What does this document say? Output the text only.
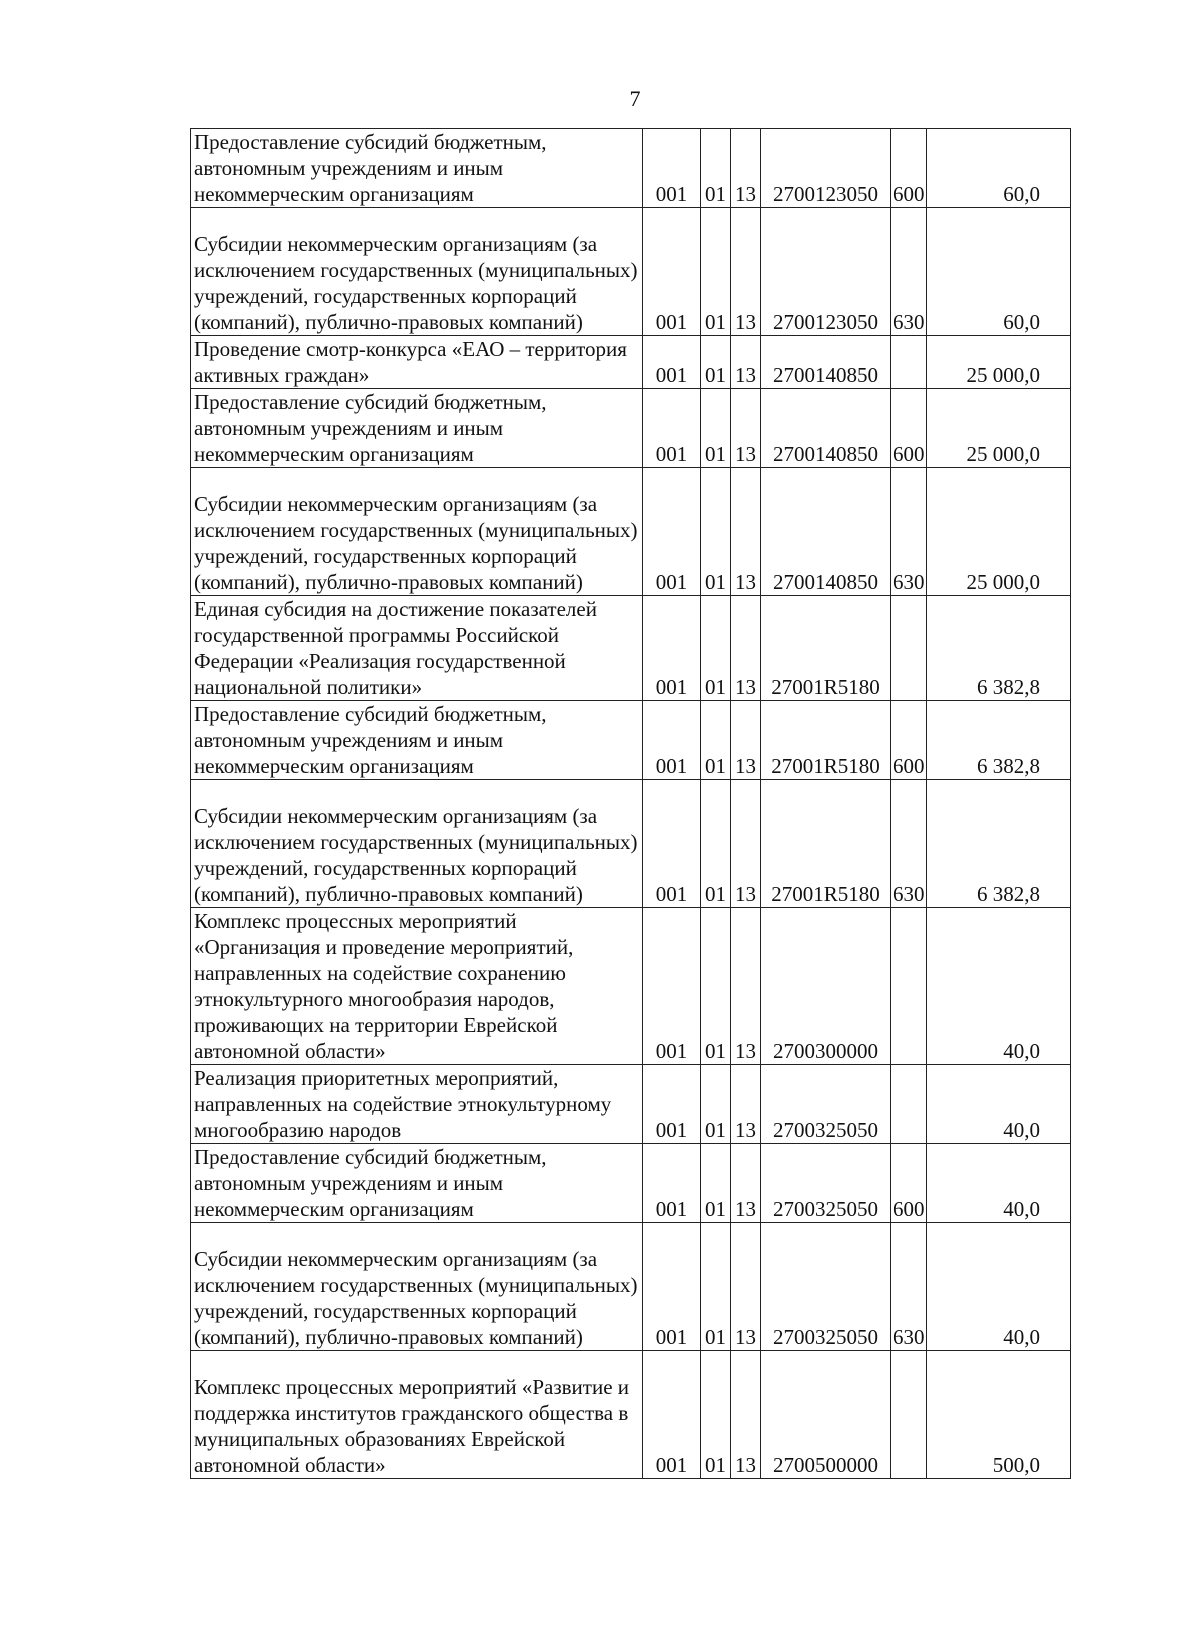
7
Предоставление субсидий бюджетным, автономным учреждениям и иным некоммерческим организациям	001	01	13	2700123050	600	60,0
Субсидии некоммерческим организациям (за исключением государственных (муниципальных) учреждений, государственных корпораций (компаний), публично-правовых компаний)	001	01	13	2700123050	630	60,0
Проведение смотр-конкурса «ЕАО – территория активных граждан»	001	01	13	2700140850		25 000,0
Предоставление субсидий бюджетным, автономным учреждениям и иным некоммерческим организациям	001	01	13	2700140850	600	25 000,0
Субсидии некоммерческим организациям (за исключением государственных (муниципальных) учреждений, государственных корпораций (компаний), публично-правовых компаний)	001	01	13	2700140850	630	25 000,0
Единая субсидия на достижение показателей государственной программы Российской Федерации «Реализация государственной национальной политики»	001	01	13	27001R5180		6 382,8
Предоставление субсидий бюджетным, автономным учреждениям и иным некоммерческим организациям	001	01	13	27001R5180	600	6 382,8
Субсидии некоммерческим организациям (за исключением государственных (муниципальных) учреждений, государственных корпораций (компаний), публично-правовых компаний)	001	01	13	27001R5180	630	6 382,8
Комплекс процессных мероприятий «Организация и проведение мероприятий, направленных на содействие сохранению этнокультурного многообразия народов, проживающих на территории Еврейской автономной области»	001	01	13	2700300000		40,0
Реализация приоритетных мероприятий, направленных на содействие этнокультурному многообразию народов	001	01	13	2700325050		40,0
Предоставление субсидий бюджетным, автономным учреждениям и иным некоммерческим организациям	001	01	13	2700325050	600	40,0
Субсидии некоммерческим организациям (за исключением государственных (муниципальных) учреждений, государственных корпораций (компаний), публично-правовых компаний)	001	01	13	2700325050	630	40,0
Комплекс процессных мероприятий «Развитие и поддержка институтов гражданского общества в муниципальных образованиях Еврейской автономной области»	001	01	13	2700500000		500,0
